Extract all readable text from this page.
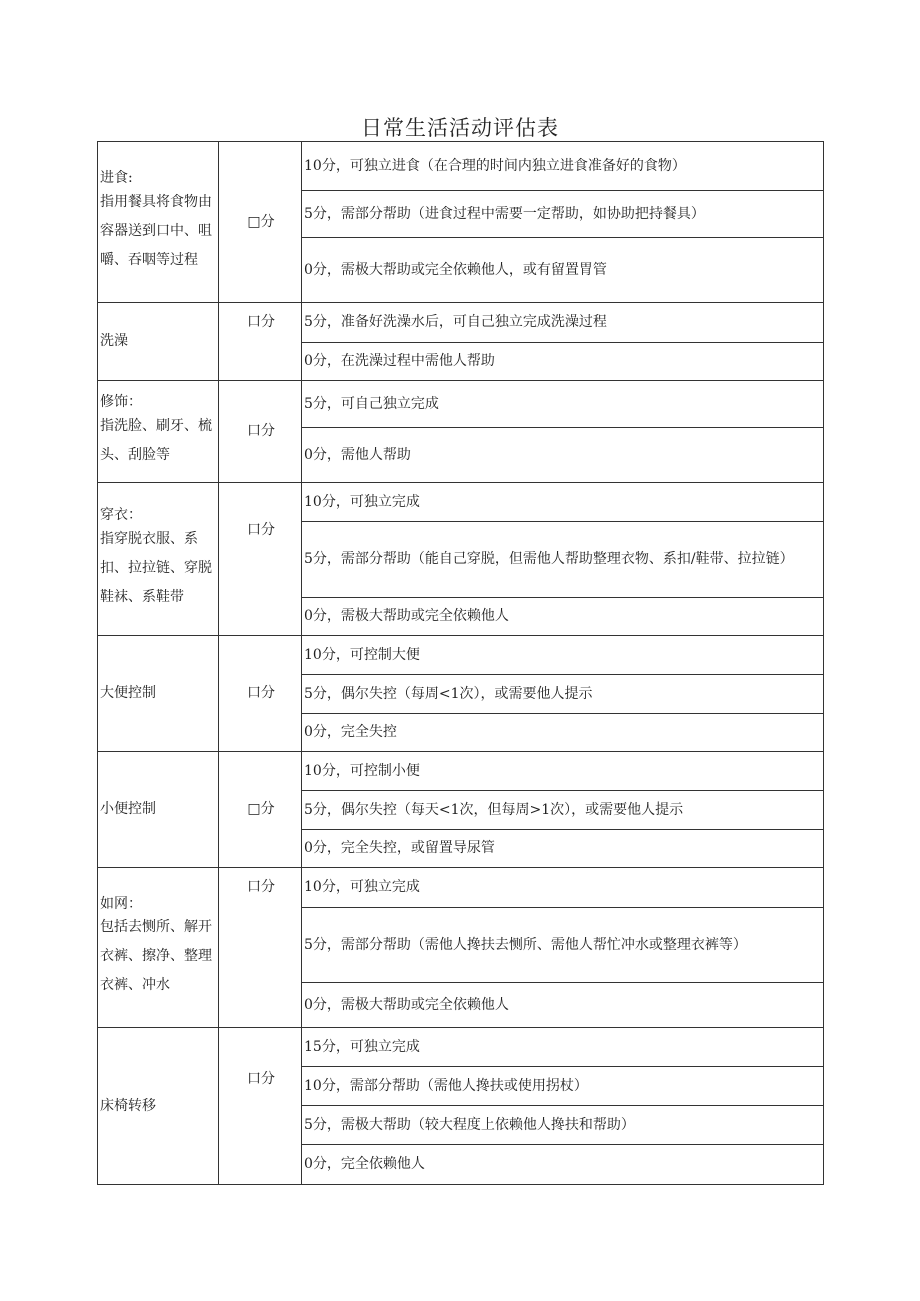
日常生活活动评估表
进食:
指用餐具将食物由容器送到口中、咀嚼、吞咽等过程	□分	10分，可独立进食（在合理的时间内独立进食准备好的食物）
		5分，需部分帮助（进食过程中需要一定帮助，如协助把持餐具）
		0分，需极大帮助或完全依赖他人，或有留置胃管

洗澡	口分	5分，准备好洗澡水后，可自己独立完成洗澡过程
		0分，在洗澡过程中需他人帮助

修饰：
指洗脸、刷牙、梳头、刮脸等	口分	5分，可自己独立完成
		0分，需他人帮助

穿衣：
指穿脱衣服、系扣、拉拉链、穿脱鞋袜、系鞋带	口分	10分，可独立完成
		5分，需部分帮助（能自己穿脱，但需他人帮助整理衣物、系扣/鞋带、拉拉链）
		0分，需极大帮助或完全依赖他人

大便控制	口分	10分，可控制大便
		5分，偶尔失控（每周<1次），或需要他人提示
		0分，完全失控

小便控制	□分	10分，可控制小便
		5分，偶尔失控（每天<1次，但每周>1次），或需要他人提示
		0分，完全失控，或留置导尿管

如网：
包括去恻所、解开衣裤、擦净、整理衣裤、冲水	口分	10分，可独立完成
		5分，需部分帮助（需他人搀扶去恻所、需他人帮忙冲水或整理衣裤等）
		0分，需极大帮助或完全依赖他人

床椅转移	口分	15分，可独立完成
		10分，需部分帮助（需他人搀扶或使用拐杖）
		5分，需极大帮助（较大程度上依赖他人搀扶和帮助）
		0分，完全依赖他人
